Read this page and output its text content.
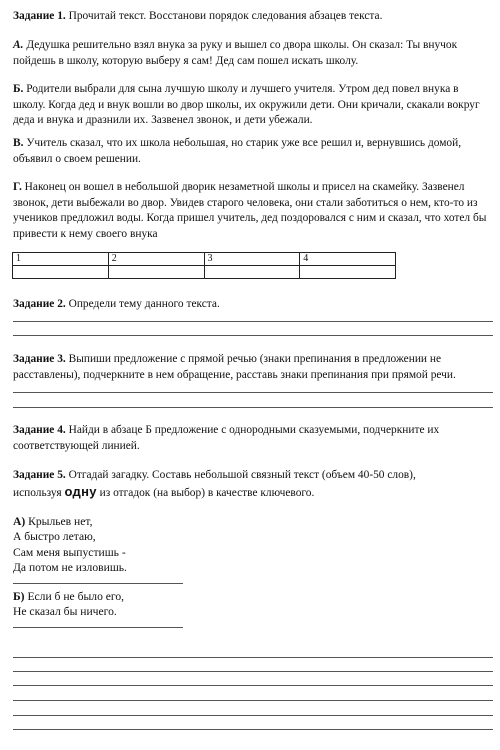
Задание 1. Прочитай текст. Восстанови порядок следования абзацев текста.

А. Дедушка решительно взял внука за руку и вышел со двора школы. Он сказал: Ты внучок пойдешь в школу, которую выберу я сам! Дед сам пошел искать школу.

Б. Родители выбрали для сына лучшую школу и лучшего учителя. Утром дед повел внука в школу. Когда дед и внук вошли во двор школы, их окружили дети. Они кричали, скакали вокруг деда и внука и дразнили их. Зазвенел звонок, и дети убежали.

В. Учитель сказал, что их школа небольшая, но старик уже все решил и, вернувшись домой, объявил о своем решении.

Г. Наконец он вошел в небольшой дворик незаметной школы и присел на скамейку. Зазвенел звонок, дети выбежали во двор. Увидев старого человека, они стали заботиться о нем, кто-то из учеников предложил воды. Когда пришел учитель, дед поздоровался с ним и сказал, что хотел бы привести к нему своего внука

1	2	3	4

Задание 2. Определи тему данного текста.

Задание 3. Выпиши предложение с прямой речью (знаки препинания в предложении не расставлены), подчеркните в нем обращение, расставь знаки препинания при прямой речи.

Задание 4. Найди в абзаце Б предложение с однородными сказуемыми, подчеркните их соответствующей линией.

Задание 5. Отгадай загадку. Составь небольшой связный текст (объем 40-50 слов),
используя одну из отгадок (на выбор) в качестве ключевого.

А) Крыльев нет,
А быстро летаю,
Сам меня выпустишь -
Да потом не изловишь.
Б) Если б не было его,
Не сказал бы ничего.
